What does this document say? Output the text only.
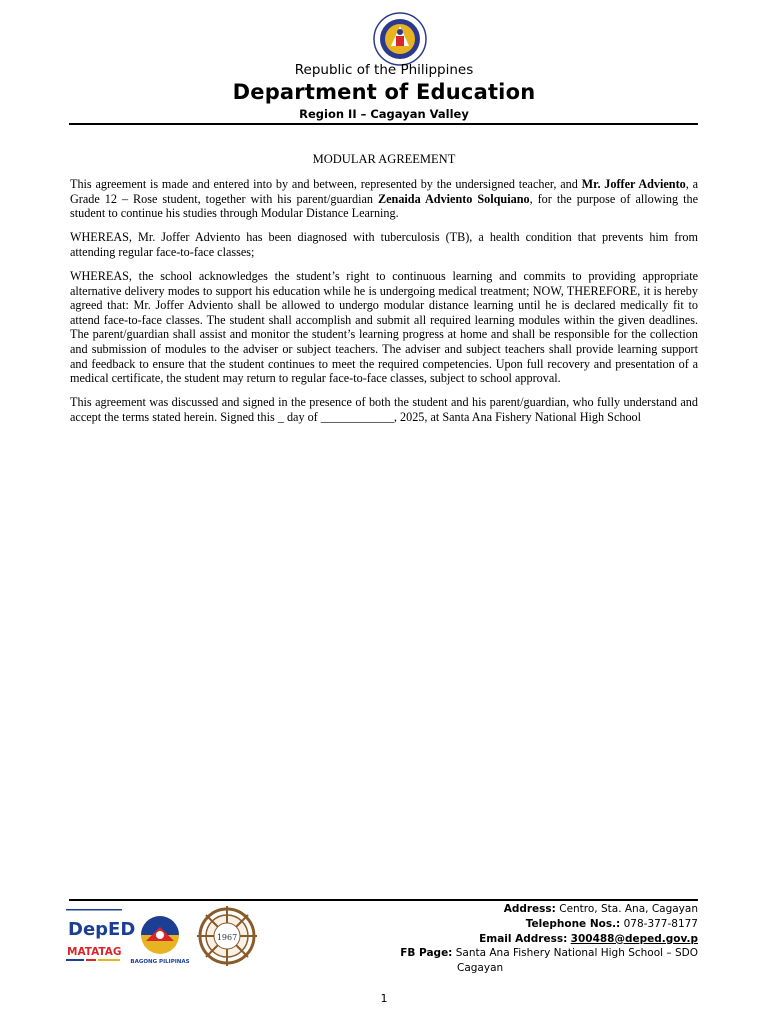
Republic of the Philippines
Department of Education
Region II – Cagayan Valley
MODULAR AGREEMENT

This agreement is made and entered into by and between, represented by the undersigned teacher, and Mr. Joffer Adviento, a Grade 12 – Rose student, together with his parent/guardian Zenaida Adviento Solquiano, for the purpose of allowing the student to continue his studies through Modular Distance Learning.

WHEREAS, Mr. Joffer Adviento has been diagnosed with tuberculosis (TB), a health condition that prevents him from attending regular face-to-face classes;

WHEREAS, the school acknowledges the student’s right to continuous learning and commits to providing appropriate alternative delivery modes to support his education while he is undergoing medical treatment; NOW, THEREFORE, it is hereby agreed that: Mr. Joffer Adviento shall be allowed to undergo modular distance learning until he is declared medically fit to attend face-to-face classes. The student shall accomplish and submit all required learning modules within the given deadlines. The parent/guardian shall assist and monitor the student’s learning progress at home and shall be responsible for the collection and submission of modules to the adviser or subject teachers. The adviser and subject teachers shall provide learning support and feedback to ensure that the student continues to meet the required competencies. Upon full recovery and presentation of a medical certificate, the student may return to regular face-to-face classes, subject to school approval.

This agreement was discussed and signed in the presence of both the student and his parent/guardian, who fully understand and accept the terms stated herein. Signed this _ day of ____________, 2025, at Santa Ana Fishery National High School

DepED
MATATAG
BAGONG PILIPINAS
1967
Address: Centro, Sta. Ana, Cagayan
Telephone Nos.: 078-377-8177
Email Address: 300488@deped.gov.p
FB Page: Santa Ana Fishery National High School – SDO
Cagayan
1
